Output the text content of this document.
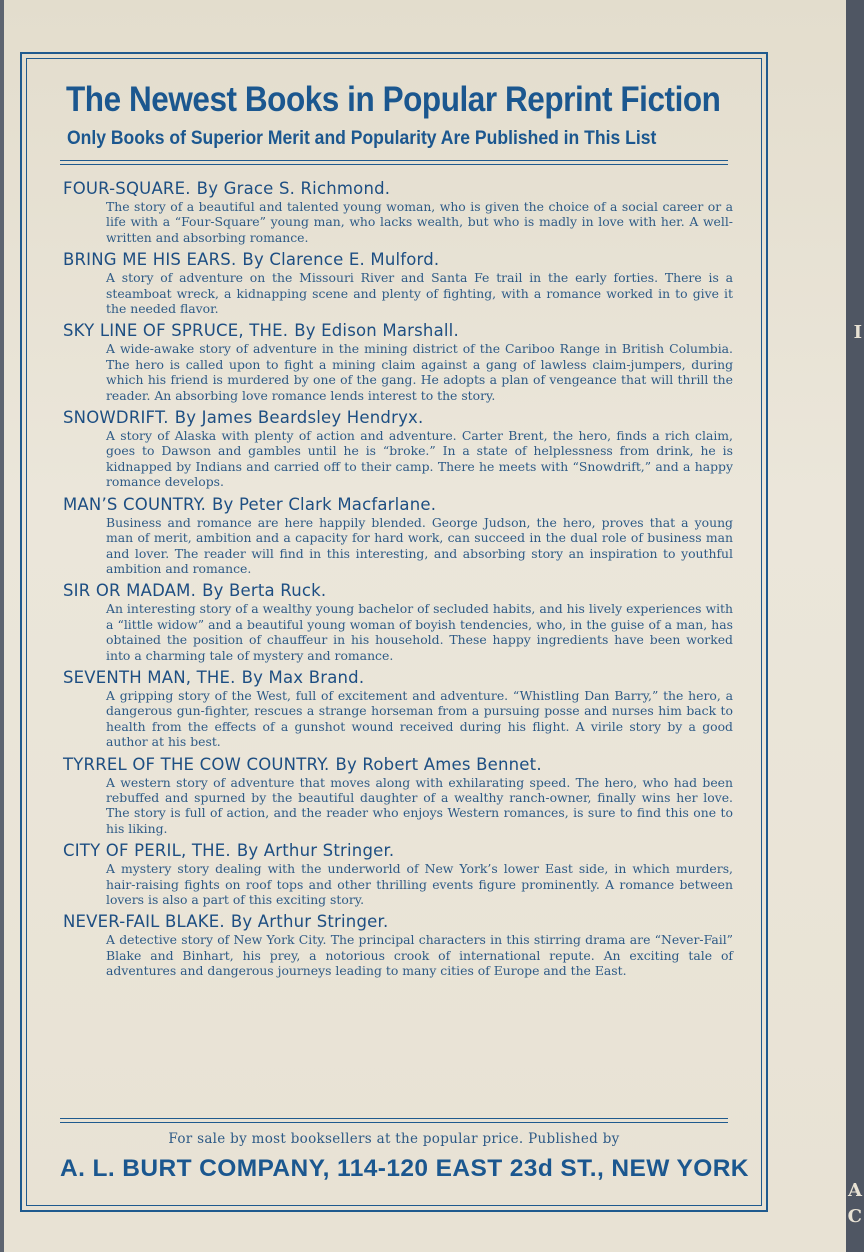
I
A
C
The Newest Books in Popular Reprint Fiction

Only Books of Superior Merit and Popularity Are Published in This List

FOUR-SQUARE. By Grace S. Richmond.

The story of a beautiful and talented young woman, who is given the choice of a social career or a life with a “Four-Square” young man, who lacks wealth, but who is madly in love with her. A well-written and absorbing romance.

BRING ME HIS EARS. By Clarence E. Mulford.

A story of adventure on the Missouri River and Santa Fe trail in the early forties. There is a steamboat wreck, a kidnapping scene and plenty of fighting, with a romance worked in to give it the needed flavor.

SKY LINE OF SPRUCE, THE. By Edison Marshall.

A wide-awake story of adventure in the mining district of the Cariboo Range in British Columbia. The hero is called upon to fight a mining claim against a gang of lawless claim-jumpers, during which his friend is murdered by one of the gang. He adopts a plan of vengeance that will thrill the reader. An absorbing love romance lends interest to the story.

SNOWDRIFT. By James Beardsley Hendryx.

A story of Alaska with plenty of action and adventure. Carter Brent, the hero, finds a rich claim, goes to Dawson and gambles until he is “broke.” In a state of helplessness from drink, he is kidnapped by Indians and carried off to their camp. There he meets with “Snowdrift,” and a happy romance develops.

MAN’S COUNTRY. By Peter Clark Macfarlane.

Business and romance are here happily blended. George Judson, the hero, proves that a young man of merit, ambition and a capacity for hard work, can succeed in the dual role of business man and lover. The reader will find in this interesting, and absorbing story an inspiration to youthful ambition and romance.

SIR OR MADAM. By Berta Ruck.

An interesting story of a wealthy young bachelor of secluded habits, and his lively experiences with a “little widow” and a beautiful young woman of boyish tendencies, who, in the guise of a man, has obtained the position of chauffeur in his household. These happy ingredients have been worked into a charming tale of mystery and romance.

SEVENTH MAN, THE. By Max Brand.

A gripping story of the West, full of excitement and adventure. “Whistling Dan Barry,” the hero, a dangerous gun-fighter, rescues a strange horseman from a pursuing posse and nurses him back to health from the effects of a gunshot wound received during his flight. A virile story by a good author at his best.

TYRREL OF THE COW COUNTRY. By Robert Ames Bennet.

A western story of adventure that moves along with exhilarating speed. The hero, who had been rebuffed and spurned by the beautiful daughter of a wealthy ranch-owner, finally wins her love. The story is full of action, and the reader who enjoys Western romances, is sure to find this one to his liking.

CITY OF PERIL, THE. By Arthur Stringer.

A mystery story dealing with the underworld of New York’s lower East side, in which murders, hair-raising fights on roof tops and other thrilling events figure prominently. A romance between lovers is also a part of this exciting story.

NEVER-FAIL BLAKE. By Arthur Stringer.

A detective story of New York City. The principal characters in this stirring drama are “Never-Fail” Blake and Binhart, his prey, a notorious crook of international repute. An exciting tale of adventures and dangerous journeys leading to many cities of Europe and the East.

For sale by most booksellers at the popular price. Published by

A. L. BURT COMPANY, 114-120 EAST 23d ST., NEW YORK
